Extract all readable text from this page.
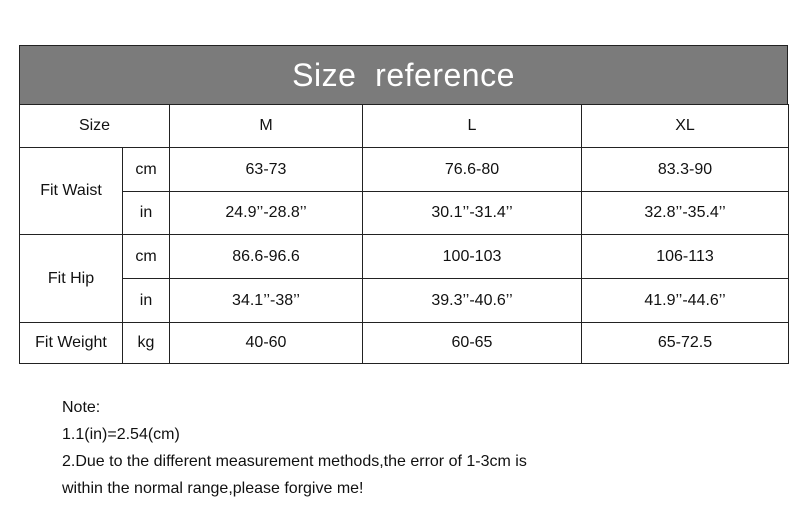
Size  reference
Size		M	L	XL
Fit Waist	cm	63-73	76.6-80	83.3-90
	in	24.9’’-28.8’’	30.1’’-31.4’’	32.8’’-35.4’’
Fit Hip	cm	86.6-96.6	100-103	106-113
	in	34.1’’-38’’	39.3’’-40.6’’	41.9’’-44.6’’
Fit Weight	kg	40-60	60-65	65-72.5
Note:
1.1(in)=2.54(cm)
2.Due to the different measurement methods,the error of 1-3cm is
within the normal range,please forgive me!
